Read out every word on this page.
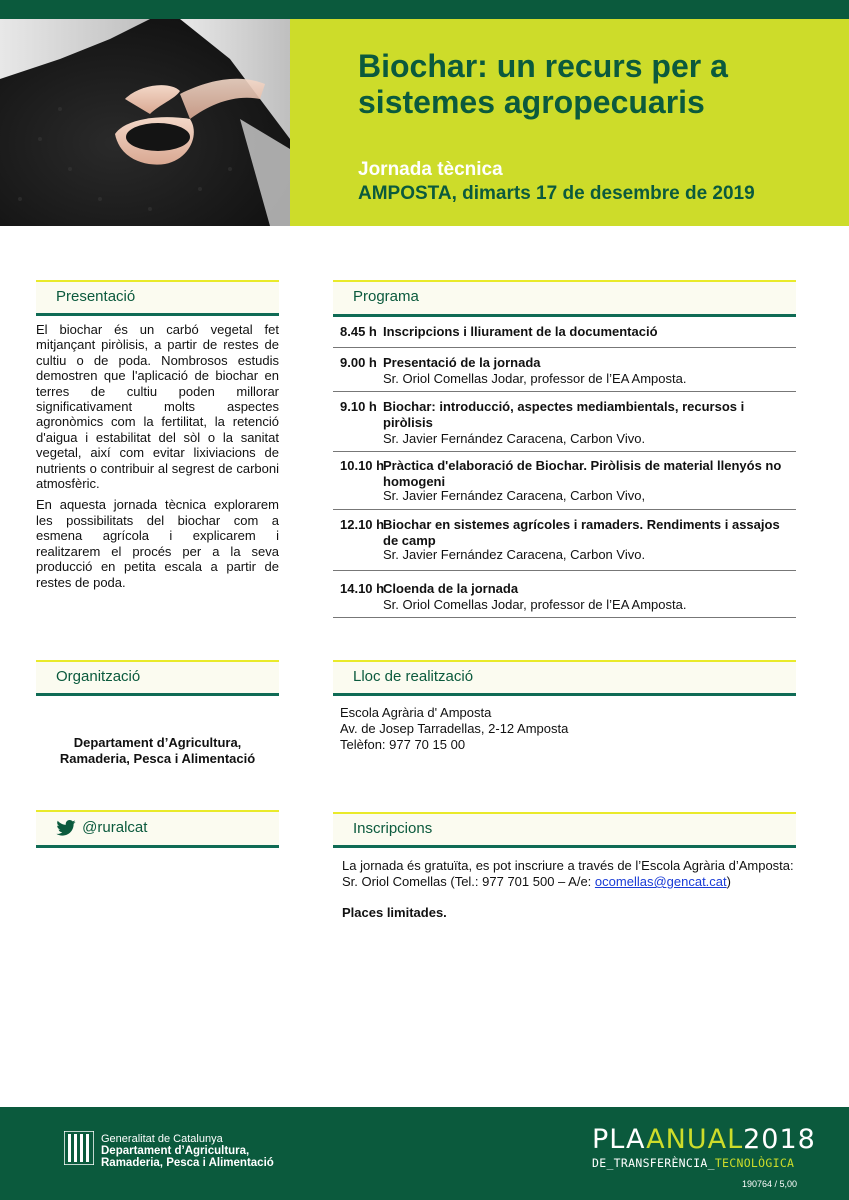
Biochar: un recurs per a sistemes agropecuaris
Jornada tècnica
AMPOSTA, dimarts 17 de desembre de 2019
Presentació

El biochar és un carbó vegetal fet mitjançant piròlisis, a partir de restes de cultiu o de poda. Nombrosos estudis demostren que l'aplicació de biochar en terres de cultiu poden millorar significativament molts aspectes agronòmics com la fertilitat, la retenció d'aigua i estabilitat del sòl o la sanitat vegetal, així com evitar lixiviacions de nutrients o contribuir al segrest de carboni atmosfèric.

En aquesta jornada tècnica explorarem les possibilitats del biochar com a esmena agrícola i explicarem i realitzarem el procés per a la seva producció en petita escala a partir de restes de poda.

Programa
8.45 h Inscripcions i lliurament de la documentació
9.00 h Presentació de la jornada
Sr. Oriol Comellas Jodar, professor de l’EA Amposta.
9.10 h Biochar: introducció, aspectes mediambientals, recursos i piròlisis
Sr. Javier Fernández Caracena, Carbon Vivo.
10.10 h
Pràctica d'elaboració de Biochar. Piròlisis de material llenyós no homogeni
Sr. Javier Fernández Caracena, Carbon Vivo,
12.10 h
Biochar en sistemes agrícoles i ramaders. Rendiments i assajos de camp
Sr. Javier Fernández Caracena, Carbon Vivo.
14.10 h
Cloenda de la jornada
Sr. Oriol Comellas Jodar, professor de l’EA Amposta.
Organització
Departament d’Agricultura,
Ramaderia, Pesca i Alimentació
Lloc de realització
Escola Agrària d' Amposta
Av. de Josep Tarradellas, 2-12 Amposta
Telèfon: 977 70 15 00
@ruralcat	Inscripcions
La jornada és gratuïta, es pot inscriure a través de l’Escola Agrària d’Amposta:
Sr. Oriol Comellas (Tel.: 977 701 500 – A/e: ocomellas@gencat.cat)
Places limitades.
Generalitat de Catalunya
Departament d’Agricultura,
Ramaderia, Pesca i Alimentació
PLAANUAL2018
DE_TRANSFERÈNCIA_TECNOLÒGICA
190764 / 5,00
